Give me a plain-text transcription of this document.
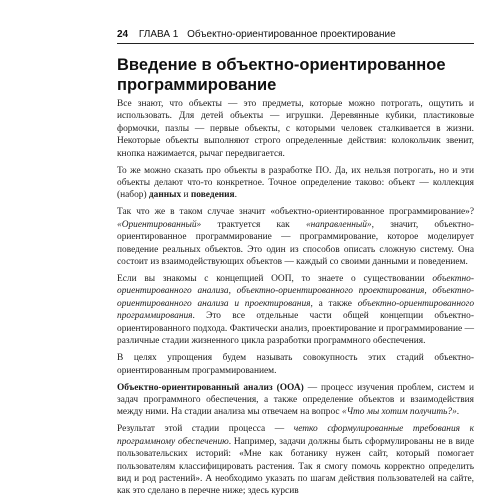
24 ГЛАВА 1 Объектно-ориентированное проектирование
Введение в объектно-ориентированное программирование

Все знают, что объекты — это предметы, которые можно потрогать, ощутить и использовать. Для детей объекты — игрушки. Деревянные кубики, пластиковые формочки, пазлы — первые объекты, с которыми человек сталкивается в жизни. Некоторые объекты выполняют строго определенные действия: колокольчик звенит, кнопка нажимается, рычаг передвигается.

То же можно сказать про объекты в разработке ПО. Да, их нельзя потрогать, но и эти объекты делают что-то конкретное. Точное определение таково: объект — коллекция (набор) данных и поведения.

Так что же в таком случае значит «объектно-ориентированное программирование»? «Ориентированный» трактуется как «направленный», значит, объектно-ориентированное программирование — программирование, которое моделирует поведение реальных объектов. Это один из способов описать сложную систему. Она состоит из взаимодействующих объектов — каждый со своими данными и поведением.

Если вы знакомы с концепцией ООП, то знаете о существовании объектно-ориентированного анализа, объектно-ориентированного проектирования, объектно-ориентированного анализа и проектирования, а также объектно-ориентированного программирования. Это все отдельные части общей концепции объектно-ориентированного подхода. Фактически анализ, проектирование и программирование — различные стадии жизненного цикла разработки программного обеспечения.

В целях упрощения будем называть совокупность этих стадий объектно-ориентированным программированием.

Объектно-ориентированный анализ (ООА) — процесс изучения проблем, систем и задач программного обеспечения, а также определение объектов и взаимодействия между ними. На стадии анализа мы отвечаем на вопрос «Что мы хотим получить?».

Результат этой стадии процесса — четко сформулированные требования к программному обеспечению. Например, задачи должны быть сформулированы не в виде пользовательских историй: «Мне как ботанику нужен сайт, который помогает пользователям классифицировать растения. Так я смогу помочь корректно определить вид и род растений». А необходимо указать по шагам действия пользователей на сайте, как это сделано в перечне ниже; здесь курсив
